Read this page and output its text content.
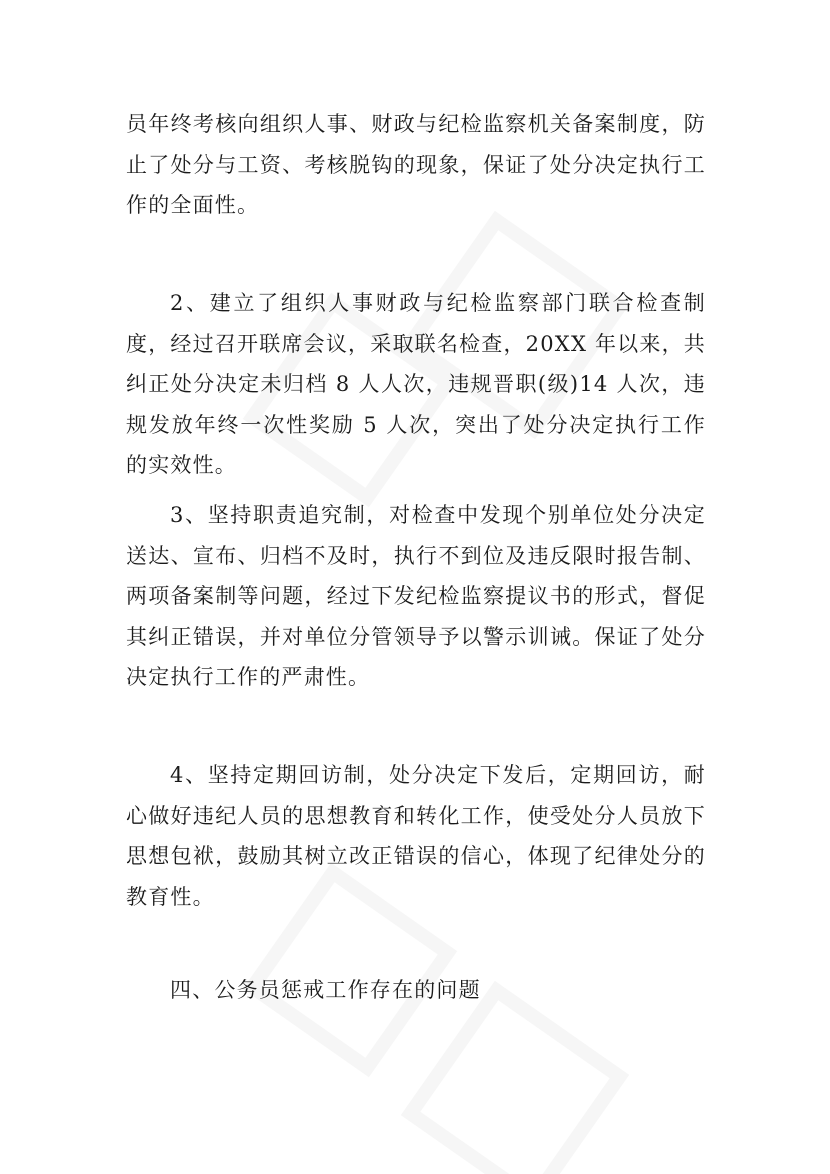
员年终考核向组织人事、财政与纪检监察机关备案制度，防止了处分与工资、考核脱钩的现象，保证了处分决定执行工作的全面性。

2、建立了组织人事财政与纪检监察部门联合检查制度，经过召开联席会议，采取联名检查，20XX 年以来，共纠正处分决定未归档 8 人人次，违规晋职(级)14 人次，违规发放年终一次性奖励 5 人次，突出了处分决定执行工作的实效性。

3、坚持职责追究制，对检查中发现个别单位处分决定送达、宣布、归档不及时，执行不到位及违反限时报告制、两项备案制等问题，经过下发纪检监察提议书的形式，督促其纠正错误，并对单位分管领导予以警示训诫。保证了处分决定执行工作的严肃性。

4、坚持定期回访制，处分决定下发后，定期回访，耐心做好违纪人员的思想教育和转化工作，使受处分人员放下思想包袱，鼓励其树立改正错误的信心，体现了纪律处分的教育性。

四、公务员惩戒工作存在的问题
